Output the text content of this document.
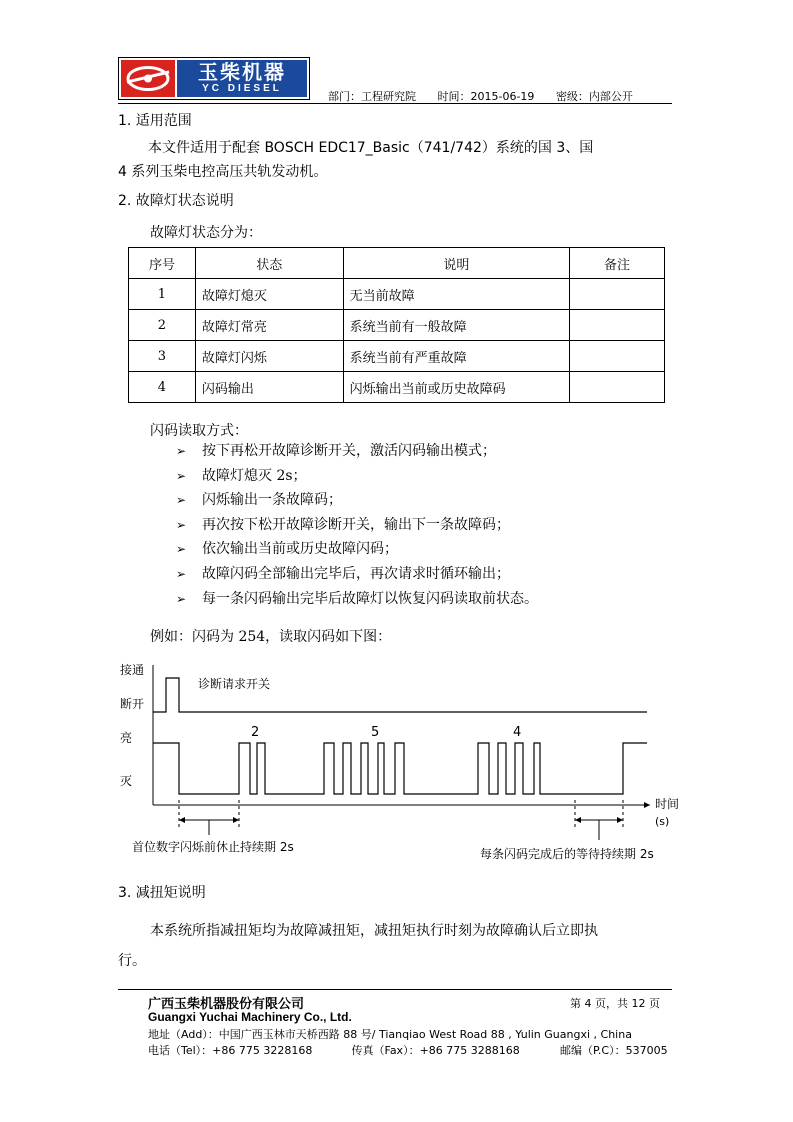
玉柴机器
YC DIESEL
部门：工程研究院 时间：2015-06-19 密级：内部公开
1. 适用范围
本文件适用于配套 BOSCH EDC17_Basic（741/742）系统的国 3、国
4 系列玉柴电控高压共轨发动机。
2. 故障灯状态说明
故障灯状态分为：
序号	状态	说明	备注
1	故障灯熄灭	无当前故障	
2	故障灯常亮	系统当前有一般故障	
3	故障灯闪烁	系统当前有严重故障	
4	闪码输出	闪烁输出当前或历史故障码	
闪码读取方式：
➢ 按下再松开故障诊断开关，激活闪码输出模式；
➢ 故障灯熄灭 2s；
➢ 闪烁输出一条故障码；
➢ 再次按下松开故障诊断开关，输出下一条故障码；
➢ 依次输出当前或历史故障闪码；
➢ 故障闪码全部输出完毕后，再次请求时循环输出；
➢ 每一条闪码输出完毕后故障灯以恢复闪码读取前状态。
例如：闪码为 254，读取闪码如下图：
接通
断开
亮
灭
诊断请求开关
2	5	4
时间
(s)
首位数字闪烁前休止持续期 2s	每条闪码完成后的等待持续期 2s
3. 减扭矩说明
本系统所指减扭矩均为故障减扭矩，减扭矩执行时刻为故障确认后立即执
行。
广西玉柴机器股份有限公司	第 4 页，共 12 页
Guangxi Yuchai Machinery Co., Ltd.
地址（Add）：中国广西玉林市天桥西路 88 号/ Tianqiao West Road 88 , Yulin Guangxi , China
电话（Tel）：+86 775 3228168	传真（Fax）：+86 775 3288168	邮编（P.C）：537005
